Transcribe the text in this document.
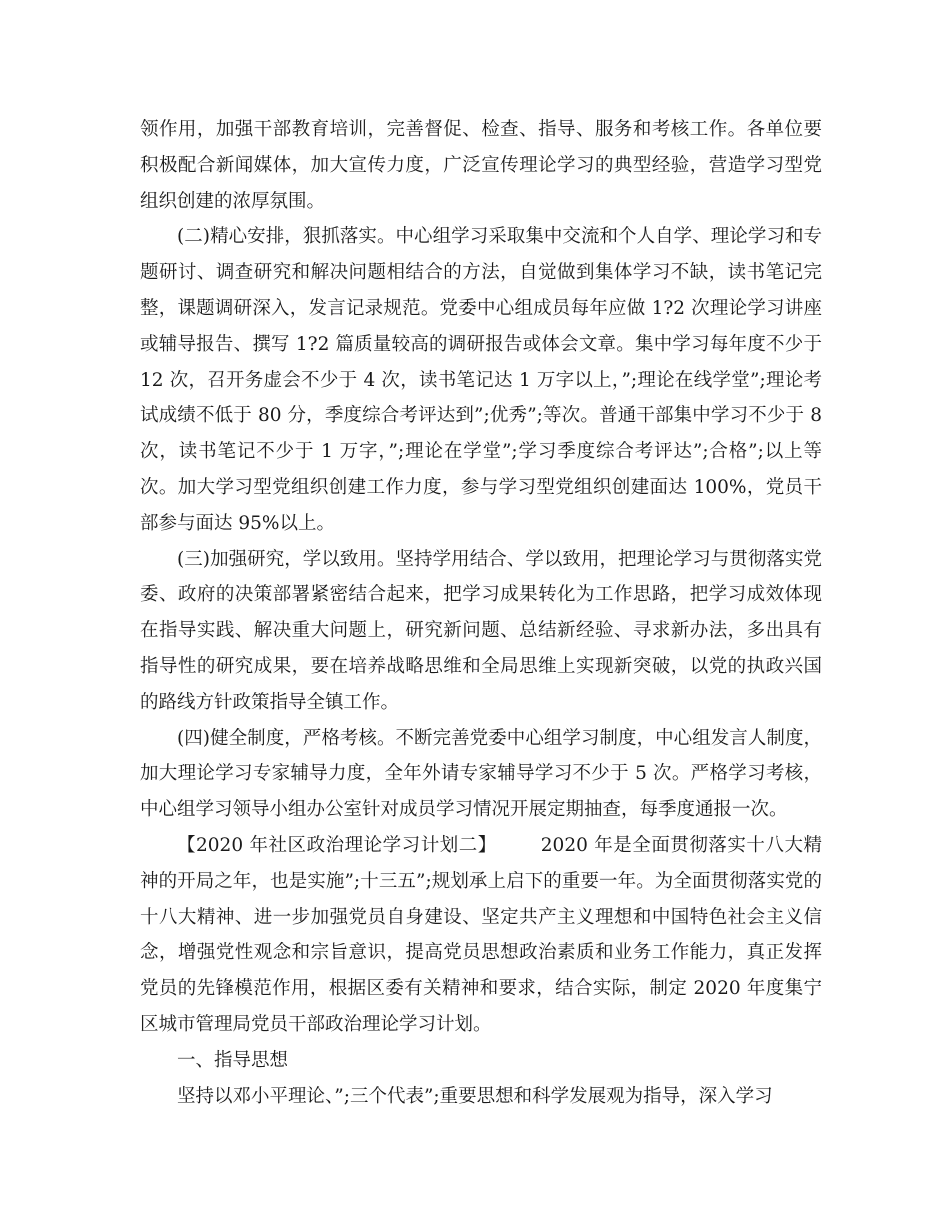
领作用，加强干部教育培训，完善督促、检查、指导、服务和考核工作。各单位要积极配合新闻媒体，加大宣传力度，广泛宣传理论学习的典型经验，营造学习型党组织创建的浓厚氛围。

(二)精心安排，狠抓落实。中心组学习采取集中交流和个人自学、理论学习和专题研讨、调查研究和解决问题相结合的方法，自觉做到集体学习不缺，读书笔记完整，课题调研深入，发言记录规范。党委中心组成员每年应做 1?2 次理论学习讲座或辅导报告、撰写 1?2 篇质量较高的调研报告或体会文章。集中学习每年度不少于 12 次，召开务虚会不少于 4 次，读书笔记达 1 万字以上，”;理论在线学堂”;理论考试成绩不低于 80 分，季度综合考评达到”;优秀”;等次。普通干部集中学习不少于 8 次，读书笔记不少于 1 万字，”;理论在学堂”;学习季度综合考评达”;合格”;以上等次。加大学习型党组织创建工作力度，参与学习型党组织创建面达 100%，党员干部参与面达 95%以上。

(三)加强研究，学以致用。坚持学用结合、学以致用，把理论学习与贯彻落实党委、政府的决策部署紧密结合起来，把学习成果转化为工作思路，把学习成效体现在指导实践、解决重大问题上，研究新问题、总结新经验、寻求新办法，多出具有指导性的研究成果，要在培养战略思维和全局思维上实现新突破，以党的执政兴国的路线方针政策指导全镇工作。

(四)健全制度，严格考核。不断完善党委中心组学习制度，中心组发言人制度，加大理论学习专家辅导力度，全年外请专家辅导学习不少于 5 次。严格学习考核，中心组学习领导小组办公室针对成员学习情况开展定期抽查，每季度通报一次。

【2020 年社区政治理论学习计划二】 2020 年是全面贯彻落实十八大精神的开局之年，也是实施”;十三五”;规划承上启下的重要一年。为全面贯彻落实党的十八大精神、进一步加强党员自身建设、坚定共产主义理想和中国特色社会主义信念，增强党性观念和宗旨意识，提高党员思想政治素质和业务工作能力，真正发挥党员的先锋模范作用，根据区委有关精神和要求，结合实际，制定 2020 年度集宁区城市管理局党员干部政治理论学习计划。

一、指导思想

坚持以邓小平理论、”;三个代表”;重要思想和科学发展观为指导，深入学习
